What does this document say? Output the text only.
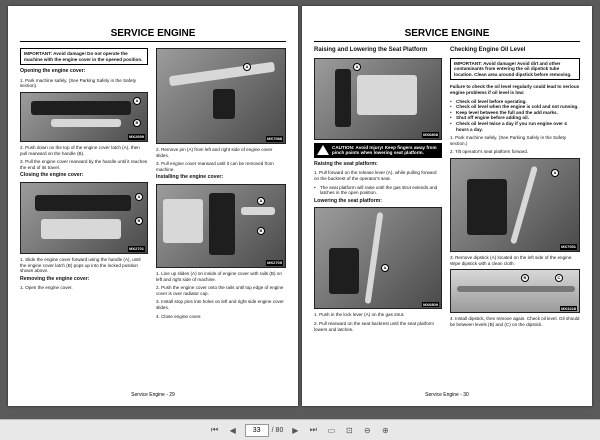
SERVICE ENGINE
IMPORTANT: Avoid damage! Do not operate the machine with the engine cover in the opened position.
Opening the engine cover:

1. Park machine safely. (See Parking Safely in the Safety section).

A
B
MX2699

2. Push down on the top of the engine cover latch (A), then pull rearward on the handle (B).

3. Pull the engine cover rearward by the handle until it reaches the end of its travel.

Closing the engine cover:
A
B
MX2701

1. Slide the engine cover forward using the handle (A), until the engine cover latch (B) pops up into the locked position shown above.

Removing the engine cover:

1. Open the engine cover.

A
MX7088

2. Remove pin (A) from left and right side of engine cover slides.

3. Pull engine cover rearward until it can be removed from machine.

Installing the engine cover:
A
B
MX2705

1. Line up slides (A) on inside of engine cover with rails (B) on left and right side of machine.

2. Push the engine cover onto the rails until top edge of engine cover is over radiator cap.

3. Install stop pins into holes on left and right side engine cover slides.

4. Close engine cover.

Service Engine - 29
SERVICE ENGINE
Raising and Lowering the Seat Platform
A
MX6808
CAUTION: Avoid Injury! Keep fingers away from pinch points when lowering seat platform.
Raising the seat platform:

1. Pull forward on the release lever (A), while pulling forward on the backrest of the operator's seat.

• The seat platform will raise until the gas strut extends and latches in the open position.
Lowering the seat platform:
A
MX6809

1. Push in the lock lever (A) on the gas strut.

2. Pull rearward on the seat backrest until the seat platform lowers and latches.

Checking Engine Oil Level
IMPORTANT: Avoid damage! Avoid dirt and other contaminants from entering the oil dipstick tube location. Clean area around dipstick before removing.

Failure to check the oil level regularly could lead to serious engine problems if oil level is low:

• Check oil level before operating.
• Check oil level when the engine is cold and not running.
• Keep level between the full and the add marks.
• Shut off engine before adding oil.
• Check oil level twice a day if you run engine over 4 hours a day.

1. Park machine safely. (See Parking Safely in the Safety section.)

2. Tilt operator's seat platform forward.

A
MX7051

3. Remove dipstick (A) located on the left side of the engine. Wipe dipstick with a clean cloth.

B	C
MX3228

4. Install dipstick, then remove again. Check oil level. Oil should be between levels (B) and (C) on the dipstick.

Service Engine - 30
⏮	◀
33	/ 80	▶	⏭	▭	⊡	⊖	⊕
